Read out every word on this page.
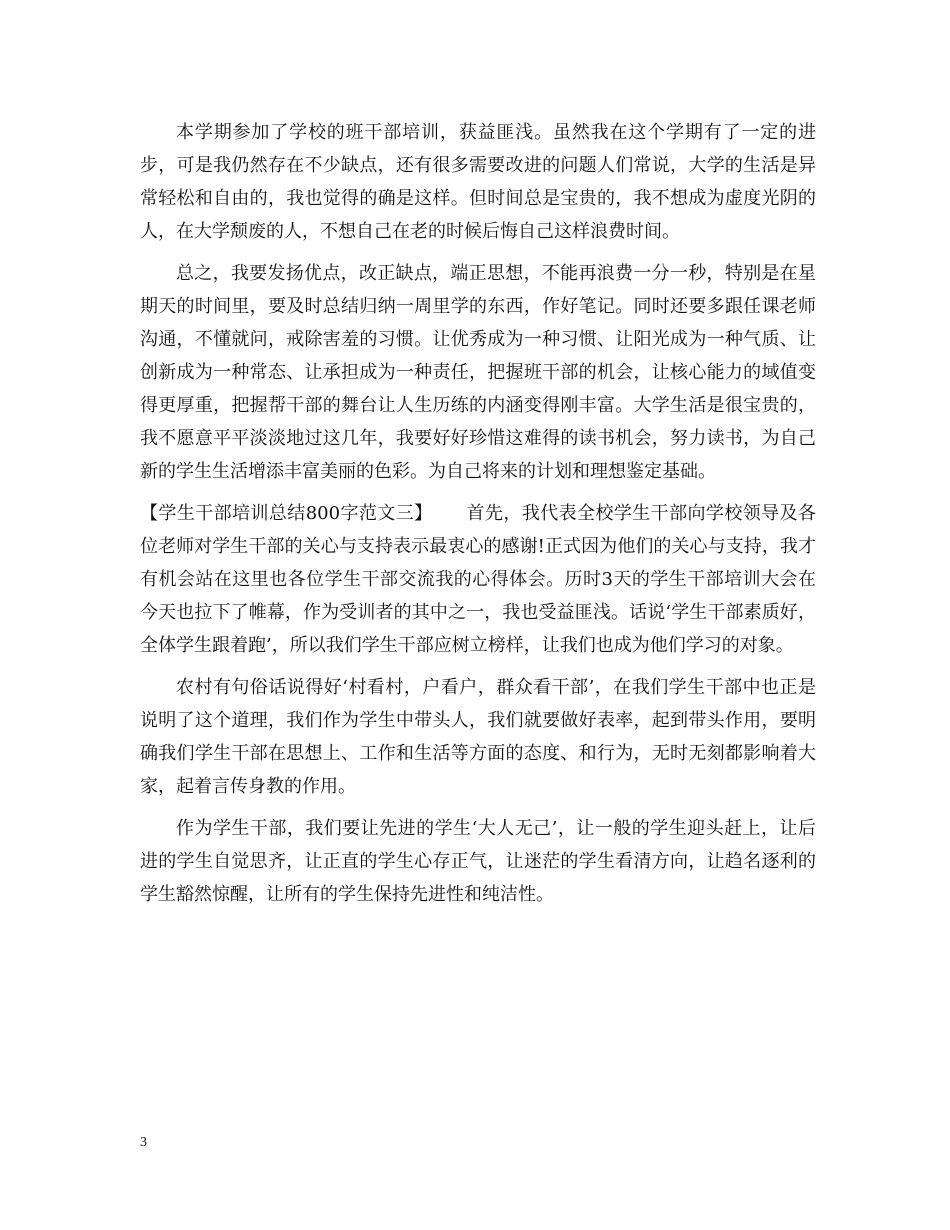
本学期参加了学校的班干部培训，获益匪浅。虽然我在这个学期有了一定的进步，可是我仍然存在不少缺点，还有很多需要改进的问题人们常说，大学的生活是异常轻松和自由的，我也觉得的确是这样。但时间总是宝贵的，我不想成为虚度光阴的人，在大学颓废的人，不想自己在老的时候后悔自己这样浪费时间。

总之，我要发扬优点，改正缺点，端正思想，不能再浪费一分一秒，特别是在星期天的时间里，要及时总结归纳一周里学的东西，作好笔记。同时还要多跟任课老师沟通，不懂就问，戒除害羞的习惯。让优秀成为一种习惯、让阳光成为一种气质、让创新成为一种常态、让承担成为一种责任，把握班干部的机会，让核心能力的域值变得更厚重，把握帮干部的舞台让人生历练的内涵变得刚丰富。大学生活是很宝贵的，我不愿意平平淡淡地过这几年，我要好好珍惜这难得的读书机会，努力读书，为自己新的学生生活增添丰富美丽的色彩。为自己将来的计划和理想鉴定基础。

【学生干部培训总结800字范文三】　　 首先，我代表全校学生干部向学校领导及各位老师对学生干部的关心与支持表示最衷心的感谢!正式因为他们的关心与支持，我才有机会站在这里也各位学生干部交流我的心得体会。历时3天的学生干部培训大会在今天也拉下了帷幕，作为受训者的其中之一，我也受益匪浅。话说‘学生干部素质好，全体学生跟着跑’，所以我们学生干部应树立榜样，让我们也成为他们学习的对象。

农村有句俗话说得好‘村看村，户看户，群众看干部’，在我们学生干部中也正是说明了这个道理，我们作为学生中带头人，我们就要做好表率，起到带头作用，要明确我们学生干部在思想上、工作和生活等方面的态度、和行为，无时无刻都影响着大家，起着言传身教的作用。

作为学生干部，我们要让先进的学生‘大人无己’，让一般的学生迎头赶上，让后进的学生自觉思齐，让正直的学生心存正气，让迷茫的学生看清方向，让趋名逐利的学生豁然惊醒，让所有的学生保持先进性和纯洁性。

3
